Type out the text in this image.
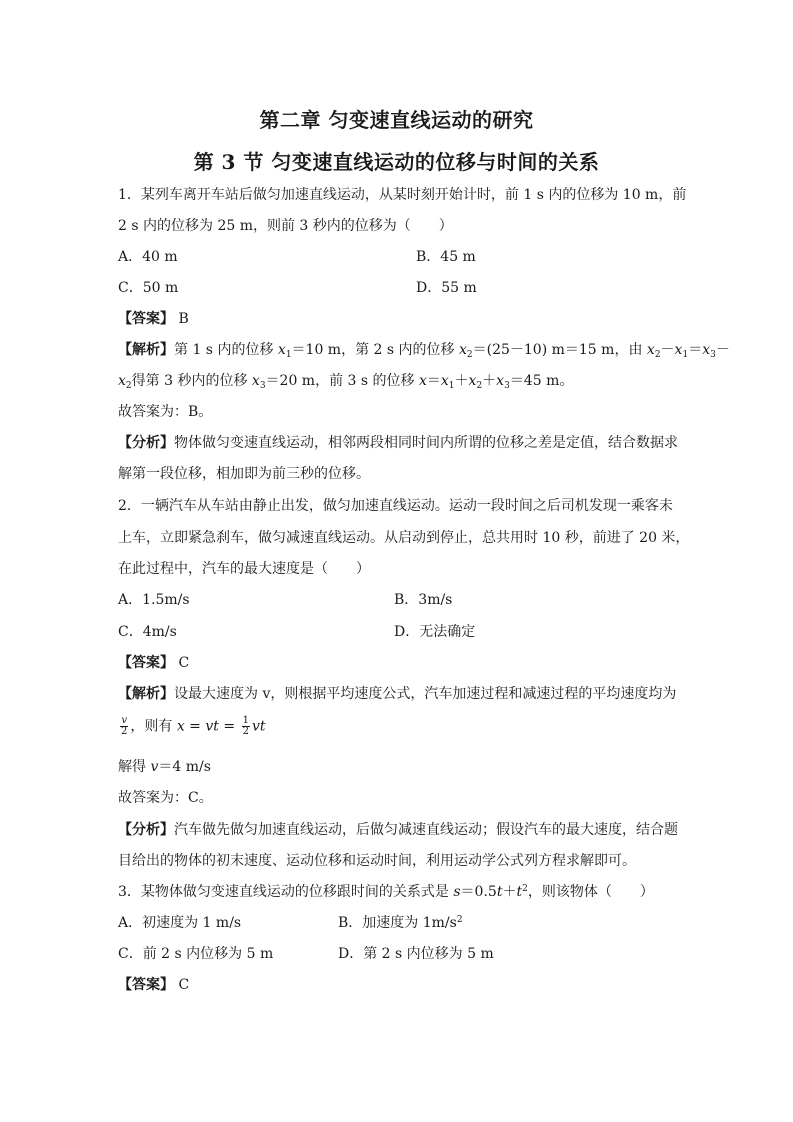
第二章 匀变速直线运动的研究
第 3 节 匀变速直线运动的位移与时间的关系
1．某列车离开车站后做匀加速直线运动，从某时刻开始计时，前 1 s 内的位移为 10 m，前
2 s 内的位移为 25 m，则前 3 秒内的位移为（　　）
A．40 m	B．45 m
C．50 m	D．55 m
【答案】 B
【解析】第 1 s 内的位移 $x_1=10$ m，第 2 s 内的位移 $x_2=(25-10)$ m＝15 m，由 $x_2-x_1=x_3-$
$x_2$得第 3 秒内的位移 $x_3=20$ m，前 3 s 的位移 $x=x_1+x_2+x_3=45$ m。
故答案为：B。
【分析】物体做匀变速直线运动，相邻两段相同时间内所谓的位移之差是定值，结合数据求
解第一段位移，相加即为前三秒的位移。
2．一辆汽车从车站由静止出发，做匀加速直线运动。运动一段时间之后司机发现一乘客未
上车，立即紧急刹车，做匀减速直线运动。从启动到停止，总共用时 10 秒，前进了 20 米，
在此过程中，汽车的最大速度是（　　）
A．1.5m/s	B．3m/s
C．4m/s	D．无法确定
【答案】 C
【解析】设最大速度为 v，则根据平均速度公式，汽车加速过程和减速过程的平均速度均为
$\frac{v}{2}$ ，则有 x = vt = $\frac{1}{2}$ vt
解得 v＝4 m/s
故答案为：C。
【分析】汽车做先做匀加速直线运动，后做匀减速直线运动；假设汽车的最大速度，结合题
目给出的物体的初末速度、运动位移和运动时间，利用运动学公式列方程求解即可。
3．某物体做匀变速直线运动的位移跟时间的关系式是 $s=0.5t+t^2$，则该物体（　　）
A．初速度为 1 m/s	B．加速度为 $1m/s^2$
C．前 2 s 内位移为 5 m	D．第 2 s 内位移为 5 m
【答案】 C
